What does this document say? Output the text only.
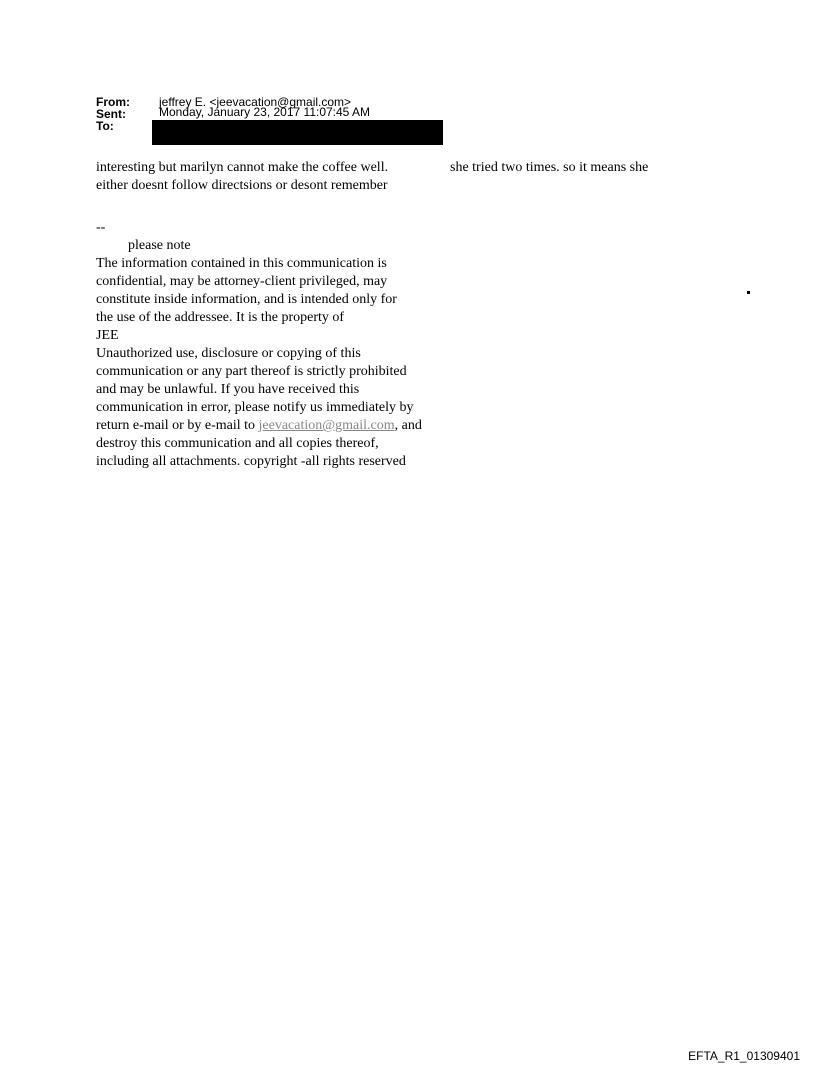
From: jeffrey E. <jeevacation@gmail.com>
Sent:	Monday, January 23, 2017 11:07:45 AM
To:
interesting but marilyn cannot make the coffee well.	she tried two times. so it means she
either doesnt follow directsions or desont remember
--
please note
The information contained in this communication is
confidential, may be attorney-client privileged, may
constitute inside information, and is intended only for
the use of the addressee. It is the property of
JEE
Unauthorized use, disclosure or copying of this
communication or any part thereof is strictly prohibited
and may be unlawful. If you have received this
communication in error, please notify us immediately by
return e-mail or by e-mail to jeevacation@gmail.com, and
destroy this communication and all copies thereof,
including all attachments. copyright -all rights reserved
EFTA_R1_01309401
